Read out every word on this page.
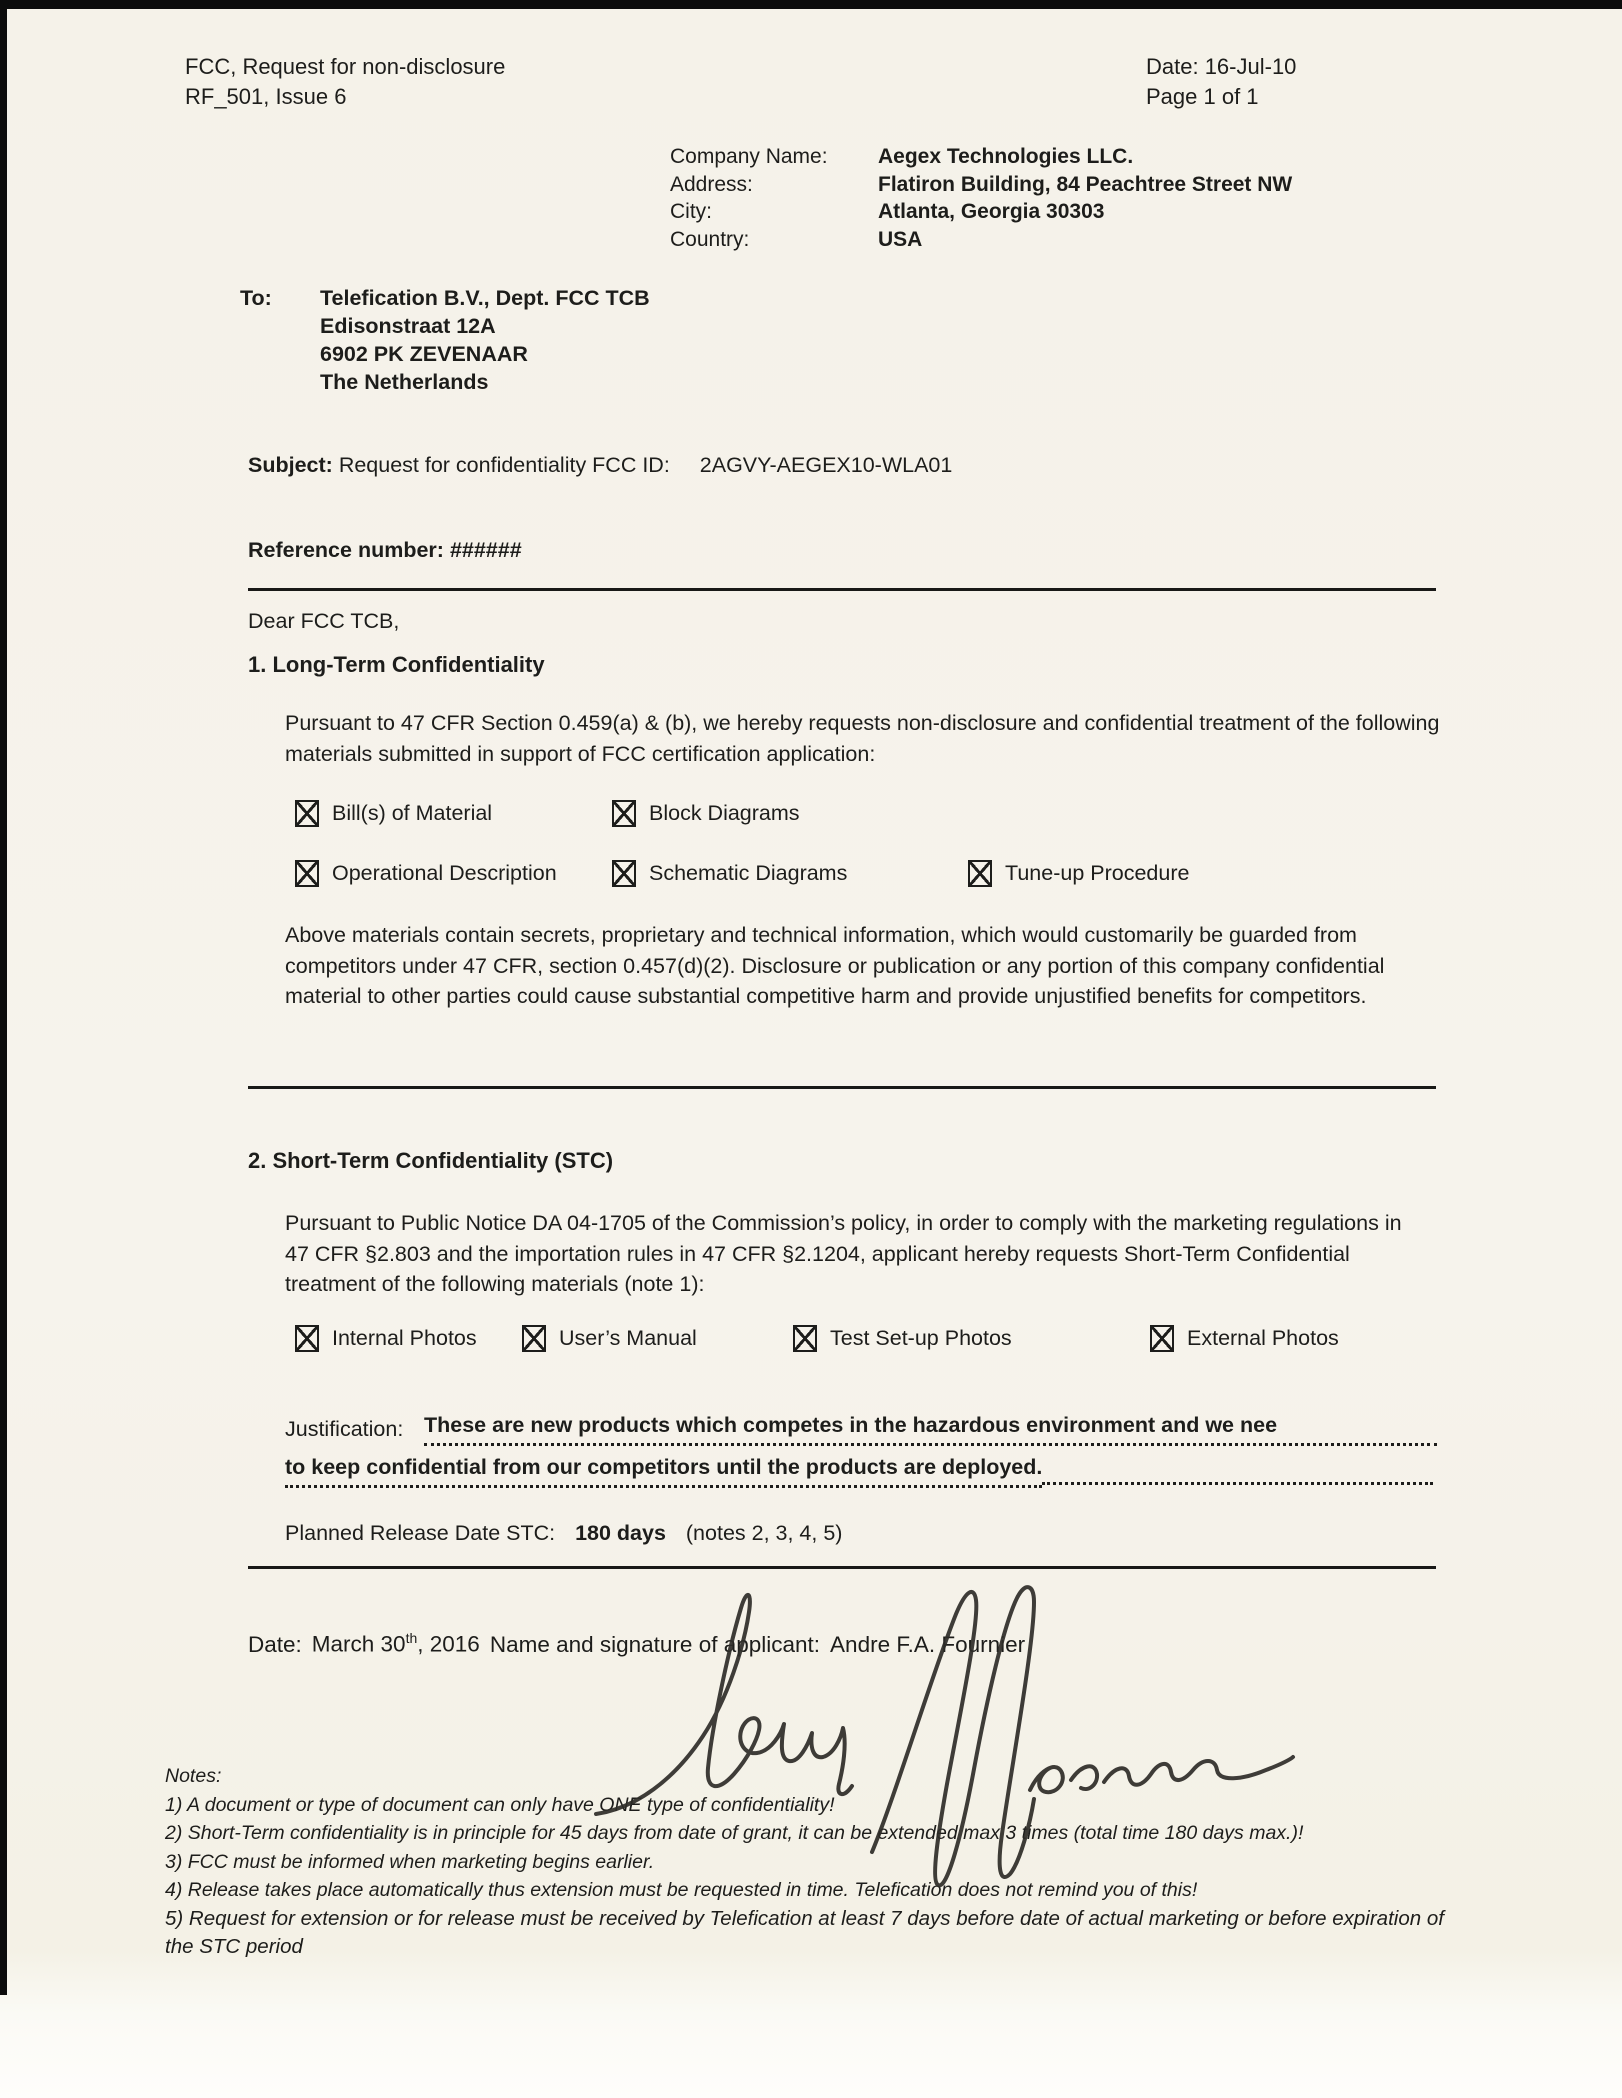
FCC, Request for non-disclosure
RF_501, Issue 6
Date: 16-Jul-10
Page 1 of 1
Company Name:	Aegex Technologies LLC.
Address:	Flatiron Building, 84 Peachtree Street NW
City:	Atlanta, Georgia 30303
Country:	USA
To:	Telefication B.V., Dept. FCC TCB
Edisonstraat 12A
6902 PK ZEVENAAR
The Netherlands
Subject: Request for confidentiality FCC ID: 2AGVY-AEGEX10-WLA01
Reference number: ######
Dear FCC TCB,
1. Long-Term Confidentiality
Pursuant to 47 CFR Section 0.459(a) & (b), we hereby requests non-disclosure and confidential treatment of the following materials submitted in support of FCC certification application:
Bill(s) of Material	Block Diagrams
Operational Description	Schematic Diagrams	Tune-up Procedure
Above materials contain secrets, proprietary and technical information, which would customarily be guarded from competitors under 47 CFR, section 0.457(d)(2). Disclosure or publication or any portion of this company confidential material to other parties could cause substantial competitive harm and provide unjustified benefits for competitors.
2. Short-Term Confidentiality (STC)
Pursuant to Public Notice DA 04-1705 of the Commission’s policy, in order to comply with the marketing regulations in 47 CFR §2.803 and the importation rules in 47 CFR §2.1204, applicant hereby requests Short-Term Confidential treatment of the following materials (note 1):
Internal Photos	User’s Manual	Test Set-up Photos	External Photos
Justification: These are new products which competes in the hazardous environment and we nee
to keep confidential from our competitors until the products are deployed.
Planned Release Date STC: 180 days (notes 2, 3, 4, 5)
Date: March 30th, 2016 Name and signature of applicant: Andre F.A. Fournier
Notes:
1) A document or type of document can only have ONE type of confidentiality!
2) Short-Term confidentiality is in principle for 45 days from date of grant, it can be extended max 3 times (total time 180 days max.)!
3) FCC must be informed when marketing begins earlier.
4) Release takes place automatically thus extension must be requested in time. Telefication does not remind you of this!
5) Request for extension or for release must be received by Telefication at least 7 days before date of actual marketing or before expiration of the STC period
